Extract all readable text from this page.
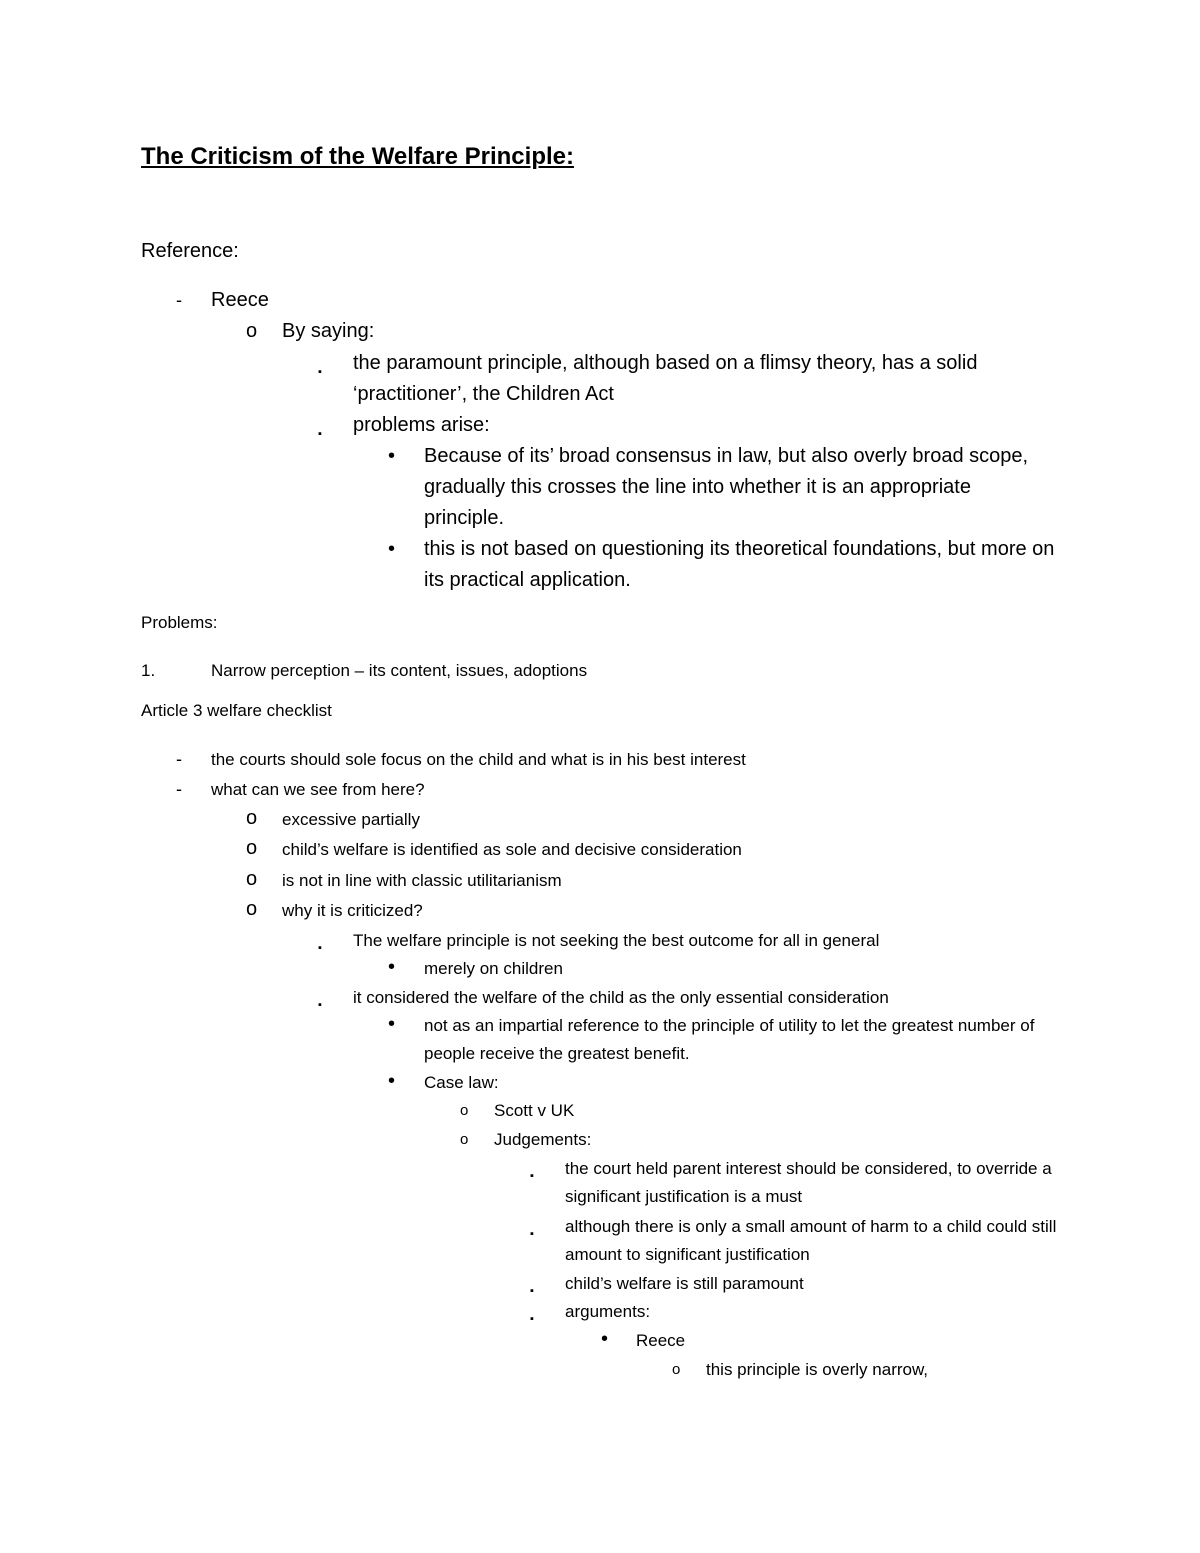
The Criticism of the Welfare Principle:
Reference:
- Reece
o By saying:
▪ the paramount principle, although based on a flimsy theory, has a solid ‘practitioner’, the Children Act
▪ problems arise:
• Because of its’ broad consensus in law, but also overly broad scope, gradually this crosses the line into whether it is an appropriate principle.
• this is not based on questioning its theoretical foundations, but more on its practical application.
Problems:
1.	Narrow perception – its content, issues, adoptions
Article 3 welfare checklist
- the courts should sole focus on the child and what is in his best interest
- what can we see from here?
o excessive partially
o child’s welfare is identified as sole and decisive consideration
o is not in line with classic utilitarianism
o why it is criticized?
▪ The welfare principle is not seeking the best outcome for all in general
• merely on children
▪ it considered the welfare of the child as the only essential consideration
• not as an impartial reference to the principle of utility to let the greatest number of people receive the greatest benefit.
• Case law:
o Scott v UK
o Judgements:
▪ the court held parent interest should be considered, to override a significant justification is a must
▪ although there is only a small amount of harm to a child could still amount to significant justification
▪ child’s welfare is still paramount
▪ arguments:
• Reece
o this principle is overly narrow,
